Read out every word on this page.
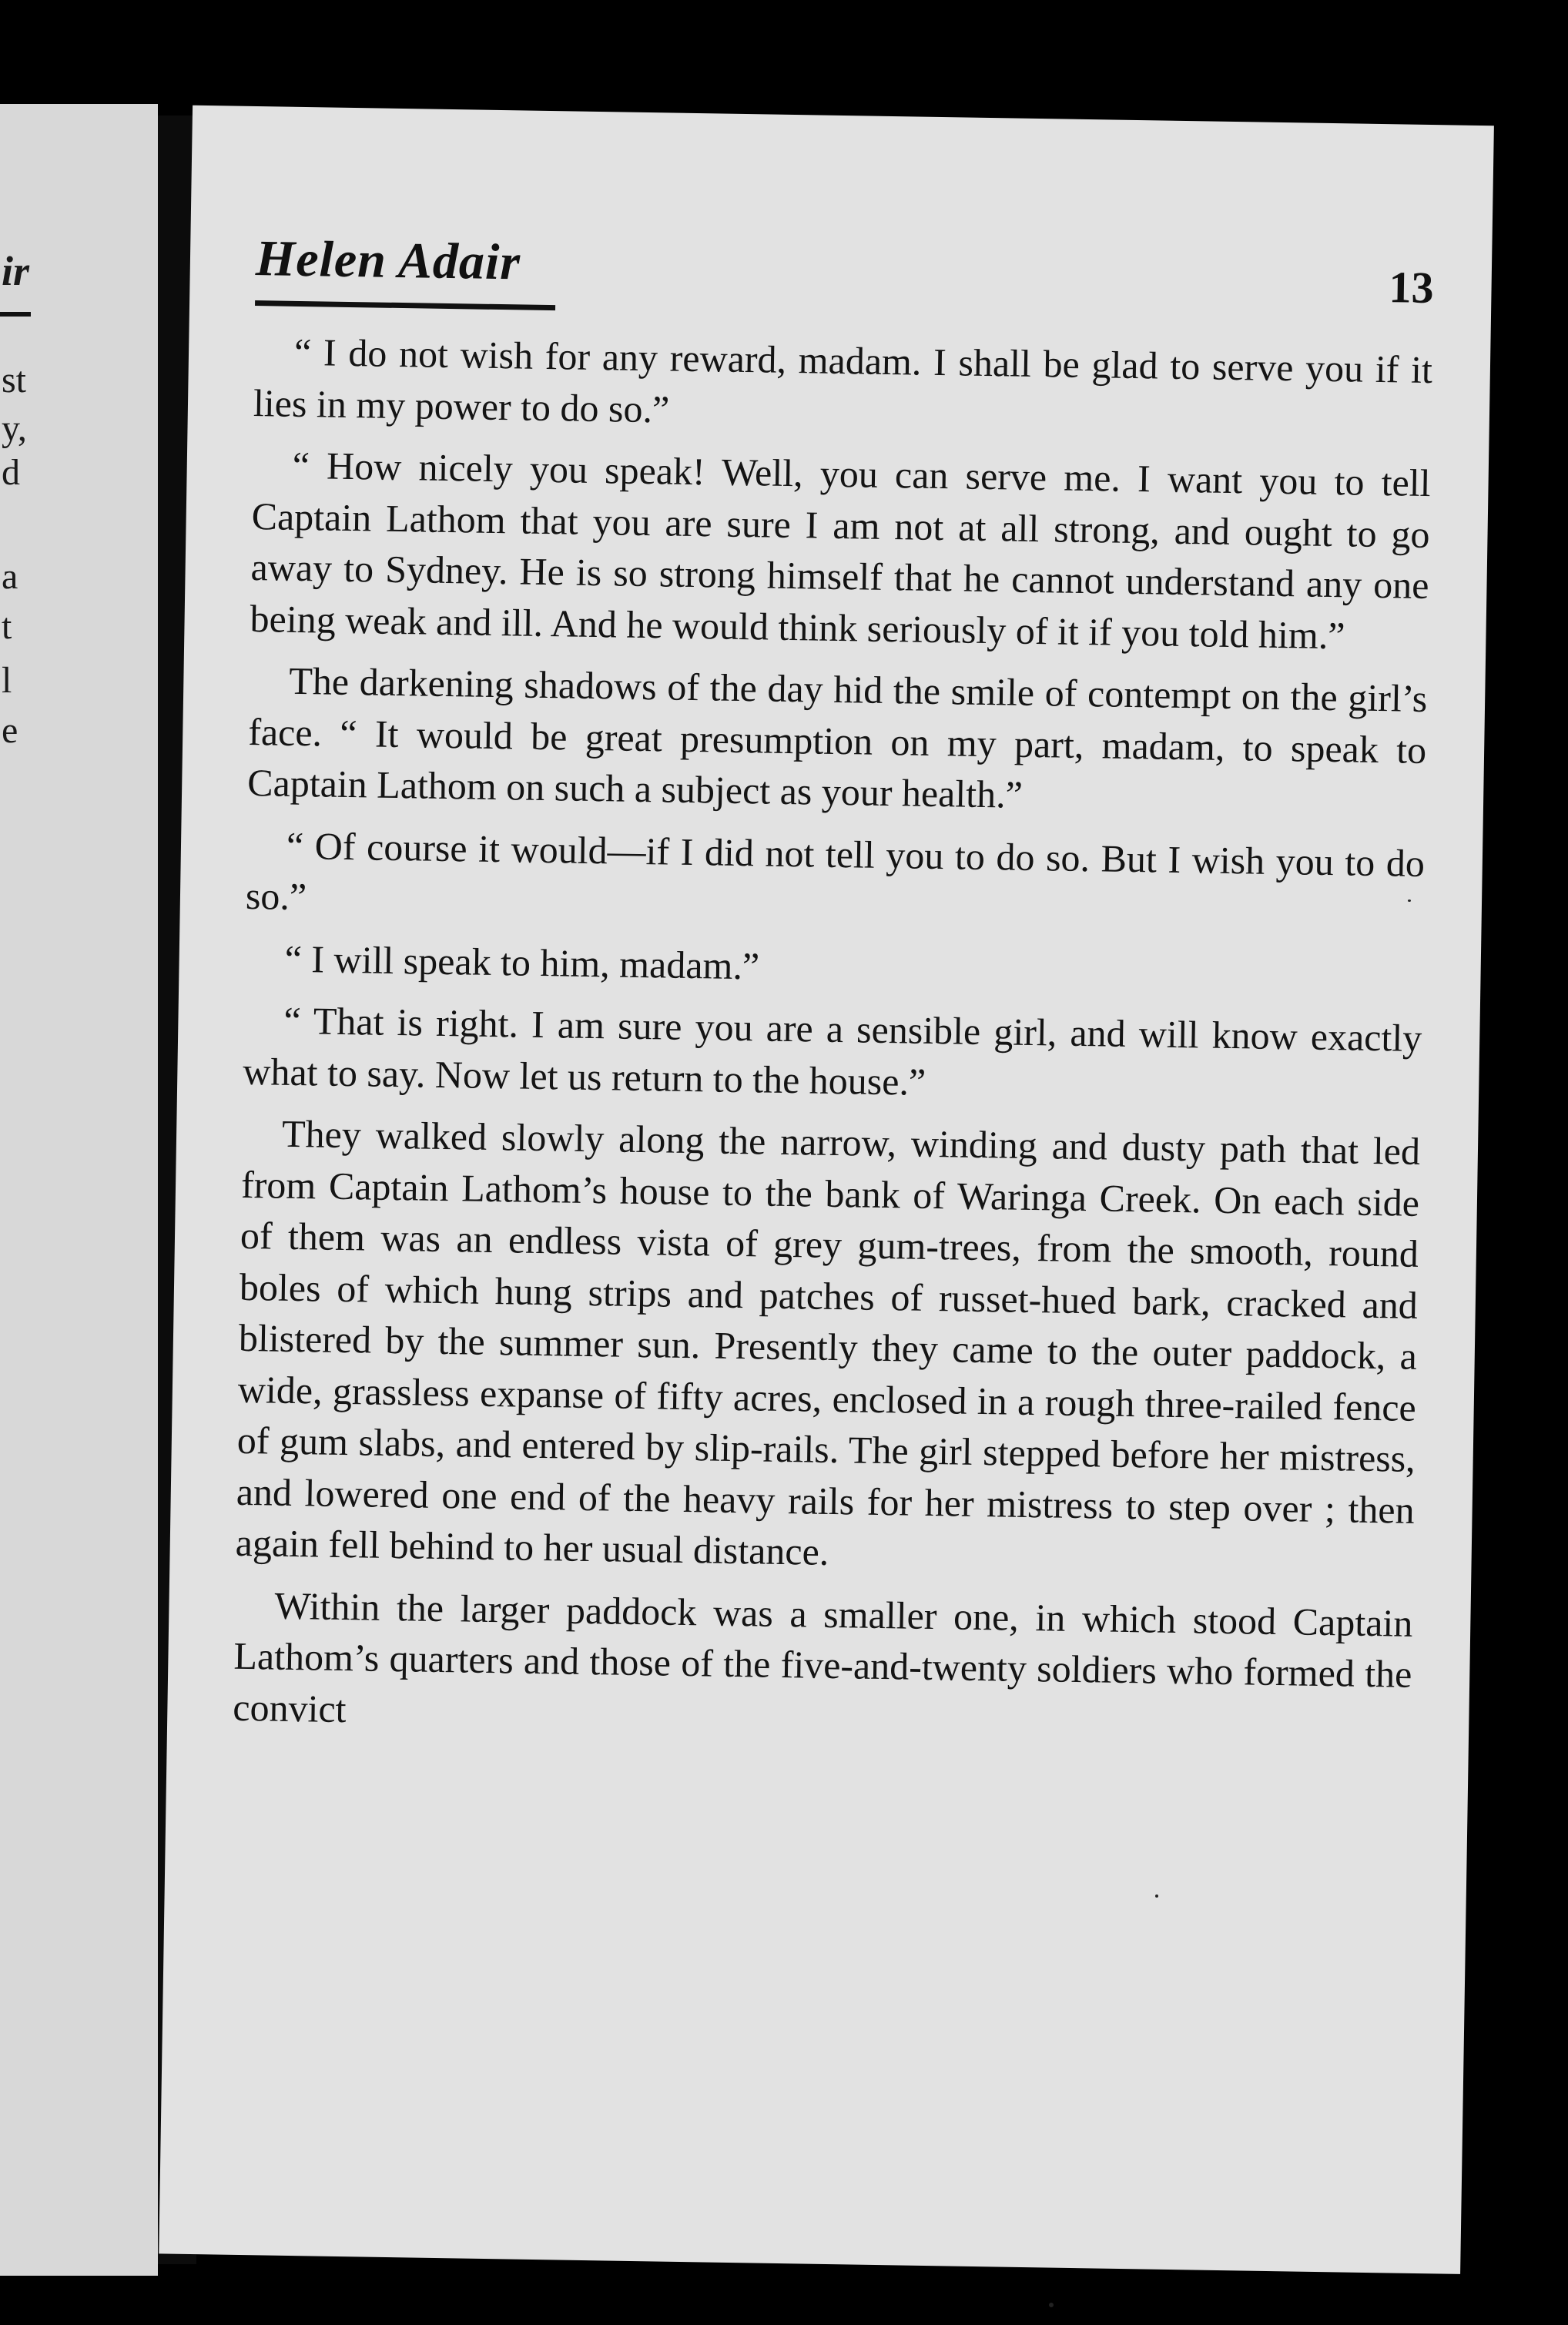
ir
st
y,
d
a
t
l
e
Helen Adair	13

“ I do not wish for any reward, madam. I shall be glad to serve you if it lies in my power to do so.”

“ How nicely you speak! Well, you can serve me. I want you to tell Captain Lathom that you are sure I am not at all strong, and ought to go away to Sydney. He is so strong himself that he cannot understand any one being weak and ill. And he would think seriously of it if you told him.”

The darkening shadows of the day hid the smile of contempt on the girl’s face. “ It would be great presumption on my part, madam, to speak to Captain Lathom on such a subject as your health.”

“ Of course it would—if I did not tell you to do so. But I wish you to do so.”

“ I will speak to him, madam.”

“ That is right. I am sure you are a sensible girl, and will know exactly what to say. Now let us return to the house.”

They walked slowly along the narrow, winding and dusty path that led from Captain Lathom’s house to the bank of Waringa Creek. On each side of them was an endless vista of grey gum-trees, from the smooth, round boles of which hung strips and patches of russet-hued bark, cracked and blistered by the summer sun. Presently they came to the outer paddock, a wide, grassless expanse of fifty acres, enclosed in a rough three-railed fence of gum slabs, and entered by slip-rails. The girl stepped before her mistress, and lowered one end of the heavy rails for her mistress to step over ; then again fell behind to her usual distance.

Within the larger paddock was a smaller one, in which stood Captain Lathom’s quarters and those of the five-and-twenty soldiers who formed the convict
